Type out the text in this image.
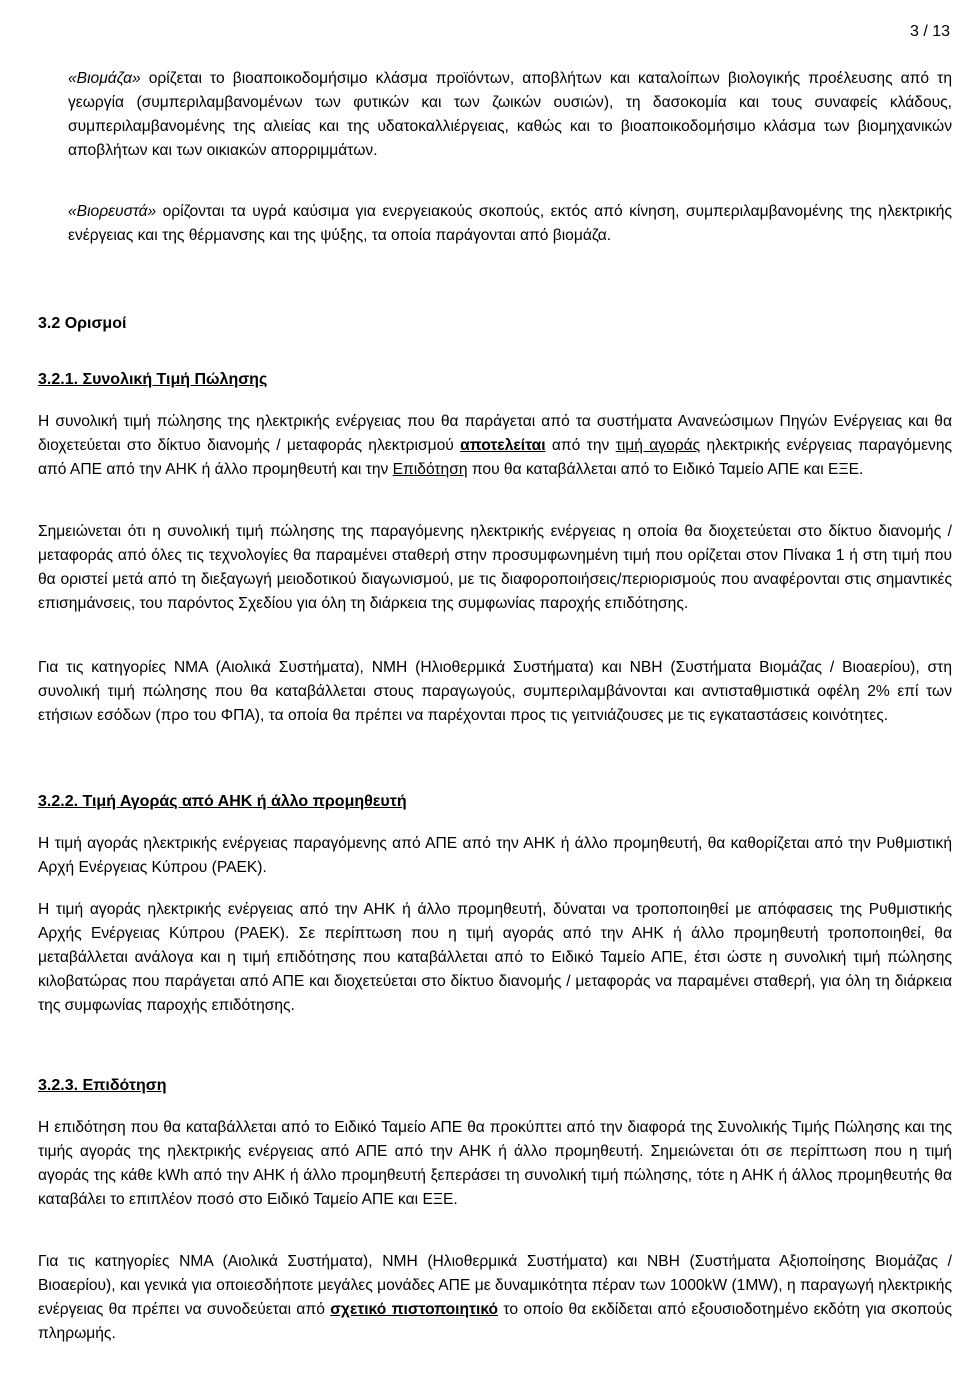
3 / 13

«Βιομάζα» ορίζεται το βιοαποικοδομήσιμο κλάσμα προϊόντων, αποβλήτων και καταλοίπων βιολογικής προέλευσης από τη γεωργία (συμπεριλαμβανομένων των φυτικών και των ζωικών ουσιών), τη δασοκομία και τους συναφείς κλάδους, συμπεριλαμβανομένης της αλιείας και της υδατοκαλλιέργειας, καθώς και το βιοαποικοδομήσιμο κλάσμα των βιομηχανικών αποβλήτων και των οικιακών απορριμμάτων.

«Βιορευστά» ορίζονται τα υγρά καύσιμα για ενεργειακούς σκοπούς, εκτός από κίνηση, συμπεριλαμβανομένης της ηλεκτρικής ενέργειας και της θέρμανσης και της ψύξης, τα οποία παράγονται από βιομάζα.

3.2 Ορισμοί
3.2.1. Συνολική Τιμή Πώλησης

Η συνολική τιμή πώλησης της ηλεκτρικής ενέργειας που θα παράγεται από τα συστήματα Ανανεώσιμων Πηγών Ενέργειας και θα διοχετεύεται στο δίκτυο διανομής / μεταφοράς ηλεκτρισμού αποτελείται από την τιμή αγοράς ηλεκτρικής ενέργειας παραγόμενης από ΑΠΕ από την ΑΗΚ ή άλλο προμηθευτή και την Επιδότηση που θα καταβάλλεται από το Ειδικό Ταμείο ΑΠΕ και ΕΞΕ.

Σημειώνεται ότι η συνολική τιμή πώλησης της παραγόμενης ηλεκτρικής ενέργειας η οποία θα διοχετεύεται στο δίκτυο διανομής / μεταφοράς από όλες τις τεχνολογίες θα παραμένει σταθερή στην προσυμφωνημένη τιμή που ορίζεται στον Πίνακα 1 ή στη τιμή που θα οριστεί μετά από τη διεξαγωγή μειοδοτικού διαγωνισμού, με τις διαφοροποιήσεις/περιορισμούς που αναφέρονται στις σημαντικές επισημάνσεις, του παρόντος Σχεδίου για όλη τη διάρκεια της συμφωνίας παροχής επιδότησης.

Για τις κατηγορίες ΝΜΑ (Αιολικά Συστήματα), ΝΜΗ (Ηλιοθερμικά Συστήματα) και ΝΒΗ (Συστήματα Βιομάζας / Βιοαερίου), στη συνολική τιμή πώλησης που θα καταβάλλεται στους παραγωγούς, συμπεριλαμβάνονται και αντισταθμιστικά οφέλη 2% επί των ετήσιων εσόδων (προ του ΦΠΑ), τα οποία θα πρέπει να παρέχονται προς τις γειτνιάζουσες με τις εγκαταστάσεις κοινότητες.

3.2.2. Τιμή Αγοράς από ΑΗΚ ή άλλο προμηθευτή

Η τιμή αγοράς ηλεκτρικής ενέργειας παραγόμενης από ΑΠΕ από την ΑΗΚ ή άλλο προμηθευτή, θα καθορίζεται από την Ρυθμιστική Αρχή Ενέργειας Κύπρου (ΡΑΕΚ).

Η τιμή αγοράς ηλεκτρικής ενέργειας από την ΑΗΚ ή άλλο προμηθευτή, δύναται να τροποποιηθεί με απόφασεις της Ρυθμιστικής Αρχής Ενέργειας Κύπρου (ΡΑΕΚ). Σε περίπτωση που η τιμή αγοράς από την ΑΗΚ ή άλλο προμηθευτή τροποποιηθεί, θα μεταβάλλεται ανάλογα και η τιμή επιδότησης που καταβάλλεται από το Ειδικό Ταμείο ΑΠΕ, έτσι ώστε η συνολική τιμή πώλησης κιλοβατώρας που παράγεται από ΑΠΕ και διοχετεύεται στο δίκτυο διανομής / μεταφοράς να παραμένει σταθερή, για όλη τη διάρκεια της συμφωνίας παροχής επιδότησης.

3.2.3. Επιδότηση

Η επιδότηση που θα καταβάλλεται από το Ειδικό Ταμείο ΑΠΕ θα προκύπτει από την διαφορά της Συνολικής Τιμής Πώλησης και της τιμής αγοράς της ηλεκτρικής ενέργειας από ΑΠΕ από την ΑΗΚ ή άλλο προμηθευτή. Σημειώνεται ότι σε περίπτωση που η τιμή αγοράς της κάθε kWh από την ΑΗΚ ή άλλο προμηθευτή ξεπεράσει τη συνολική τιμή πώλησης, τότε η ΑΗΚ ή άλλος προμηθευτής θα καταβάλει το επιπλέον ποσό στο Ειδικό Ταμείο ΑΠΕ και ΕΞΕ.

Για τις κατηγορίες ΝΜΑ (Αιολικά Συστήματα), ΝΜΗ (Ηλιοθερμικά Συστήματα) και ΝΒΗ (Συστήματα Αξιοποίησης Βιομάζας / Βιοαερίου), και γενικά για οποιεσδήποτε μεγάλες μονάδες ΑΠΕ με δυναμικότητα πέραν των 1000kW (1MW), η παραγωγή ηλεκτρικής ενέργειας θα πρέπει να συνοδεύεται από σχετικό πιστοποιητικό το οποίο θα εκδίδεται από εξουσιοδοτημένο εκδότη για σκοπούς πληρωμής.
